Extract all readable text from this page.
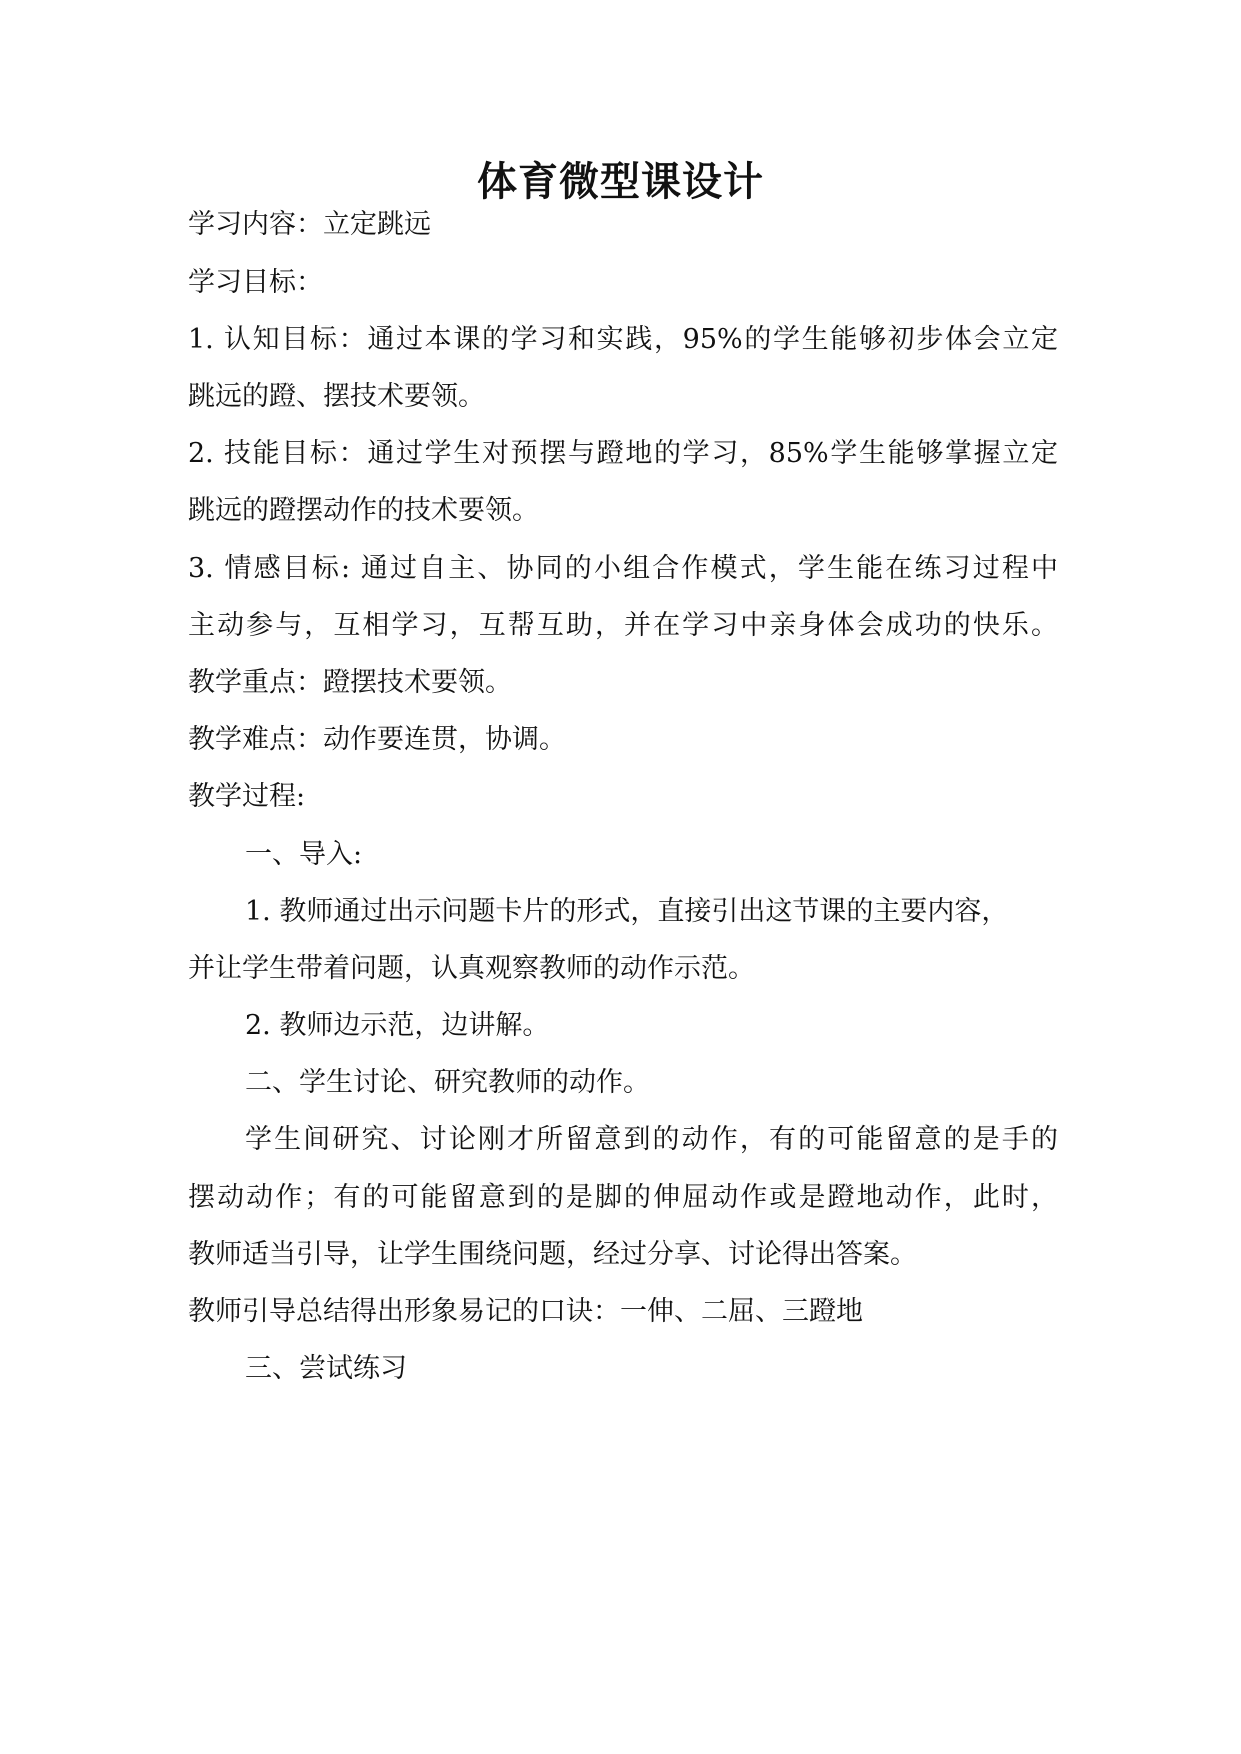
体育微型课设计

学习内容：立定跳远

学习目标：

1. 认知目标：通过本课的学习和实践，95%的学生能够初步体会立定

跳远的蹬、摆技术要领。

2. 技能目标：通过学生对预摆与蹬地的学习，85%学生能够掌握立定

跳远的蹬摆动作的技术要领。

3. 情感目标: 通过自主、协同的小组合作模式，学生能在练习过程中

主动参与，互相学习，互帮互助，并在学习中亲身体会成功的快乐。

教学重点：蹬摆技术要领。

教学难点：动作要连贯，协调。

教学过程:

一、导入:

1. 教师通过出示问题卡片的形式，直接引出这节课的主要内容，

并让学生带着问题，认真观察教师的动作示范。

2. 教师边示范，边讲解。

二、学生讨论、研究教师的动作。

学生间研究、讨论刚才所留意到的动作，有的可能留意的是手的

摆动动作；有的可能留意到的是脚的伸屈动作或是蹬地动作，此时，

教师适当引导，让学生围绕问题，经过分享、讨论得出答案。

教师引导总结得出形象易记的口诀：一伸、二屈、三蹬地

三、尝试练习
